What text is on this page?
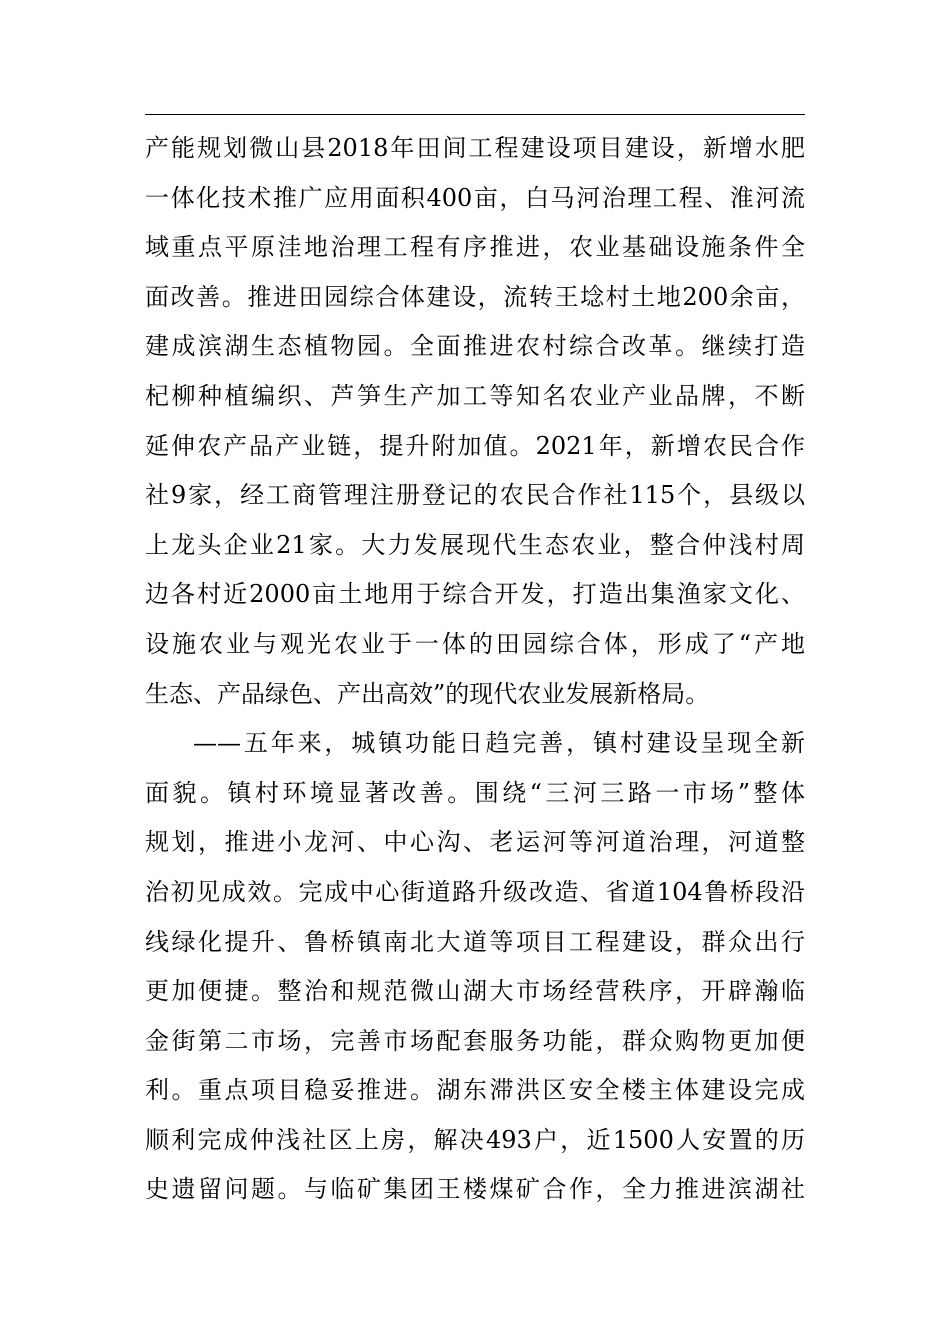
产能规划微山县2018年田间工程建设项目建设，新增水肥
一体化技术推广应用面积400亩，白马河治理工程、淮河流
域重点平原洼地治理工程有序推进，农业基础设施条件全
面改善。推进田园综合体建设，流转王埝村土地200余亩，
建成滨湖生态植物园。全面推进农村综合改革。继续打造
杞柳种植编织、芦笋生产加工等知名农业产业品牌，不断
延伸农产品产业链，提升附加值。2021年，新增农民合作
社9家，经工商管理注册登记的农民合作社115个，县级以
上龙头企业21家。大力发展现代生态农业，整合仲浅村周
边各村近2000亩土地用于综合开发，打造出集渔家文化、
设施农业与观光农业于一体的田园综合体，形成了“产地
生态、产品绿色、产出高效”的现代农业发展新格局。
——五年来，城镇功能日趋完善，镇村建设呈现全新
面貌。镇村环境显著改善。围绕“三河三路一市场”整体
规划，推进小龙河、中心沟、老运河等河道治理，河道整
治初见成效。完成中心街道路升级改造、省道104鲁桥段沿
线绿化提升、鲁桥镇南北大道等项目工程建设，群众出行
更加便捷。整治和规范微山湖大市场经营秩序，开辟瀚临
金街第二市场，完善市场配套服务功能，群众购物更加便
利。重点项目稳妥推进。湖东滞洪区安全楼主体建设完成
顺利完成仲浅社区上房，解决493户，近1500人安置的历
史遗留问题。与临矿集团王楼煤矿合作，全力推进滨湖社
